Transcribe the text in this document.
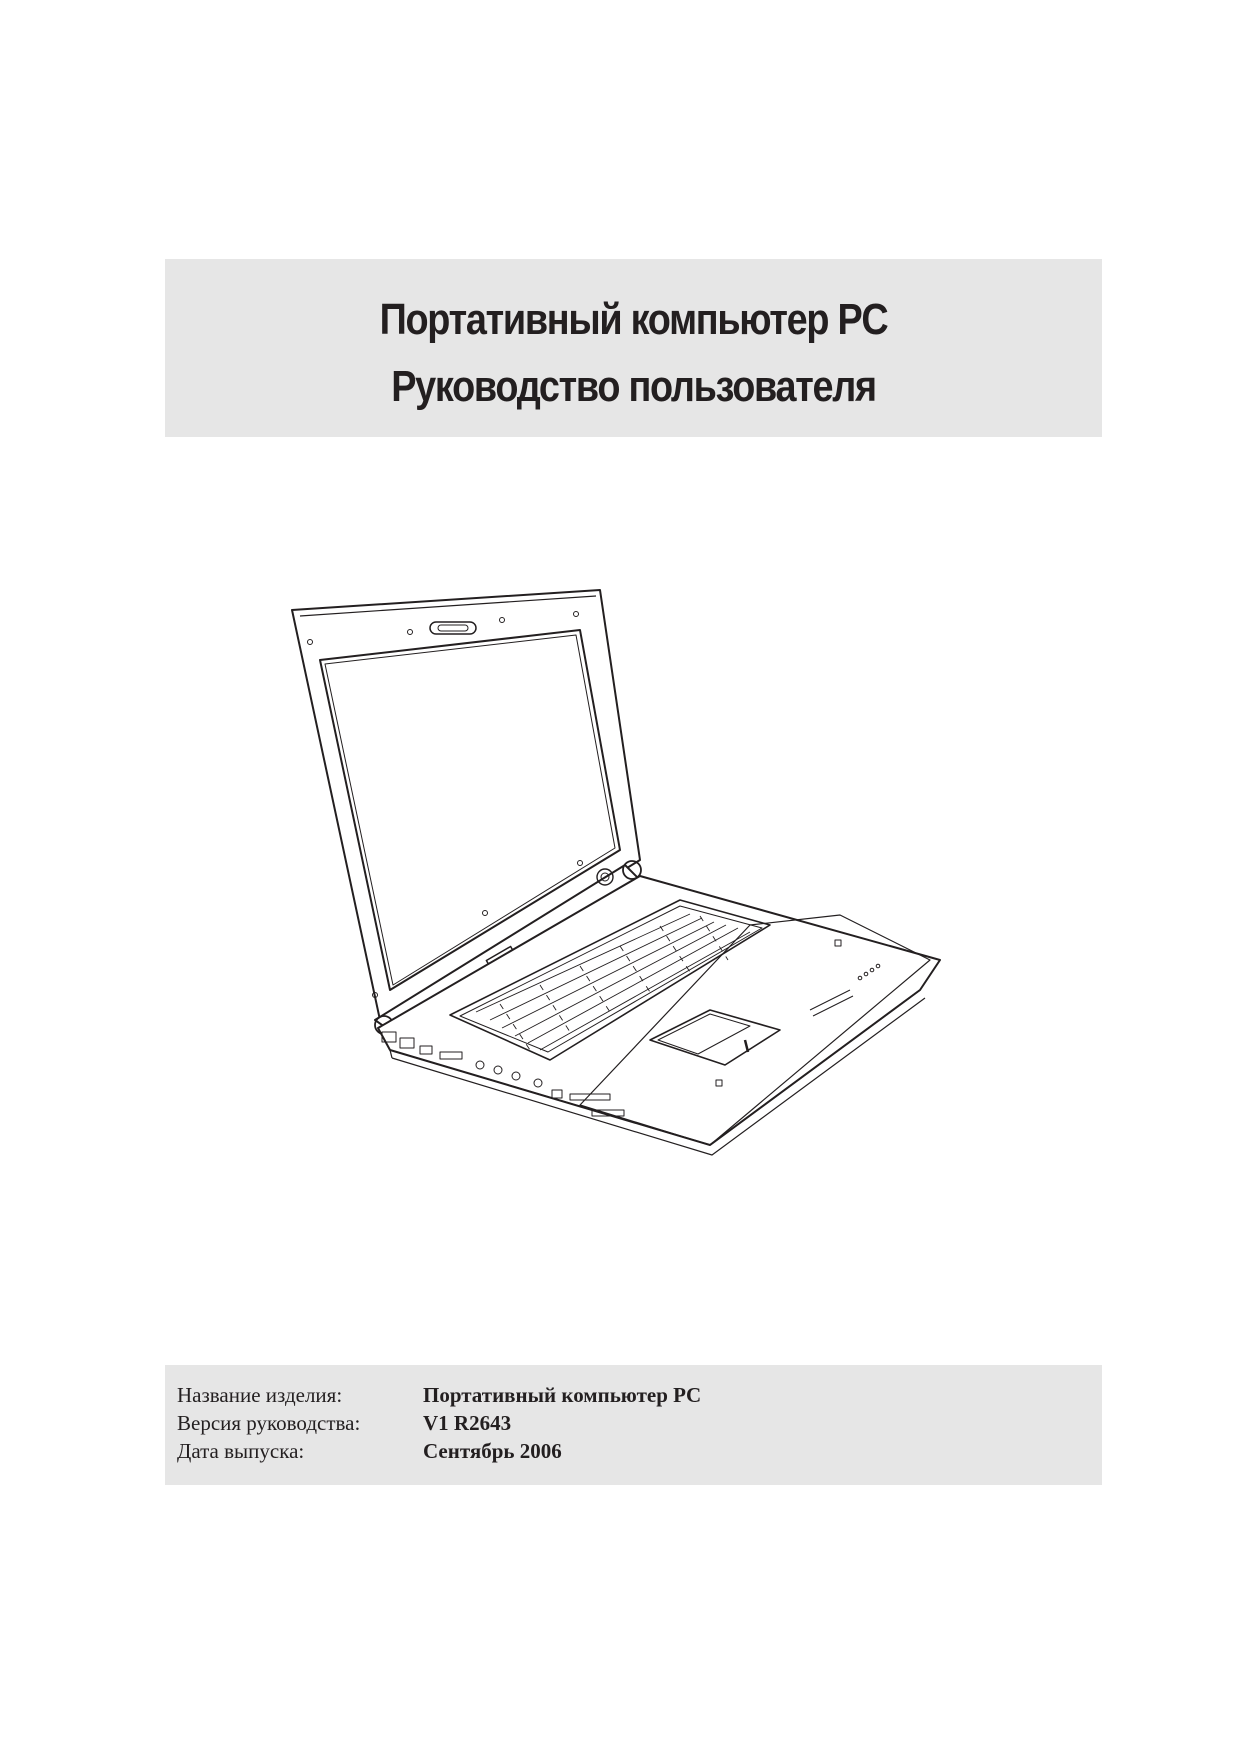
Портативный компьютер PC
Руководство пользователя
Название изделия:	Портативный компьютер PC
Версия руководства:	V1 R2643
Дата выпуска:	Сентябрь 2006
